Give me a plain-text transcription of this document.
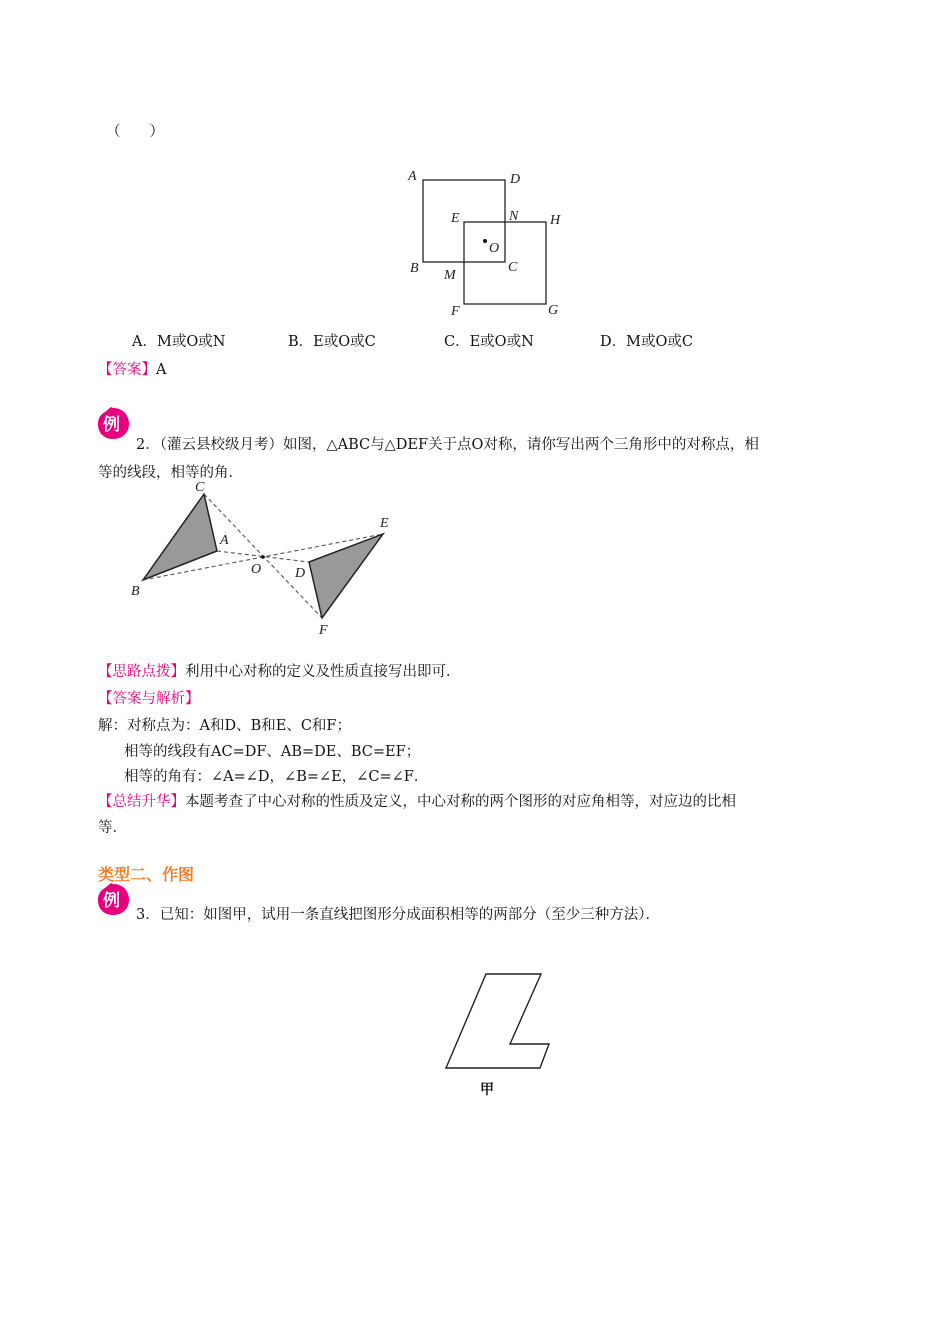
（　　）
A	D
E	N H
O
B M
C
F	G
A．M或O或N	B．E或O或C	C．E或O或N	D．M或O或C
【答案】A
例
2．（灌云县校级月考）如图，△ABC与△DEF关于点O对称，请你写出两个三角形中的对称点，相
等的线段，相等的角．
C
A
B
O
E
D
F
【思路点拨】利用中心对称的定义及性质直接写出即可．
【答案与解析】
解：对称点为：A和D、B和E、C和F；
相等的线段有AC=DF、AB=DE、BC=EF；
相等的角有：∠A=∠D，∠B=∠E，∠C=∠F．
【总结升华】本题考查了中心对称的性质及定义，中心对称的两个图形的对应角相等，对应边的比相
等．
类型二、作图
例
3．已知：如图甲，试用一条直线把图形分成面积相等的两部分（至少三种方法）．
甲
